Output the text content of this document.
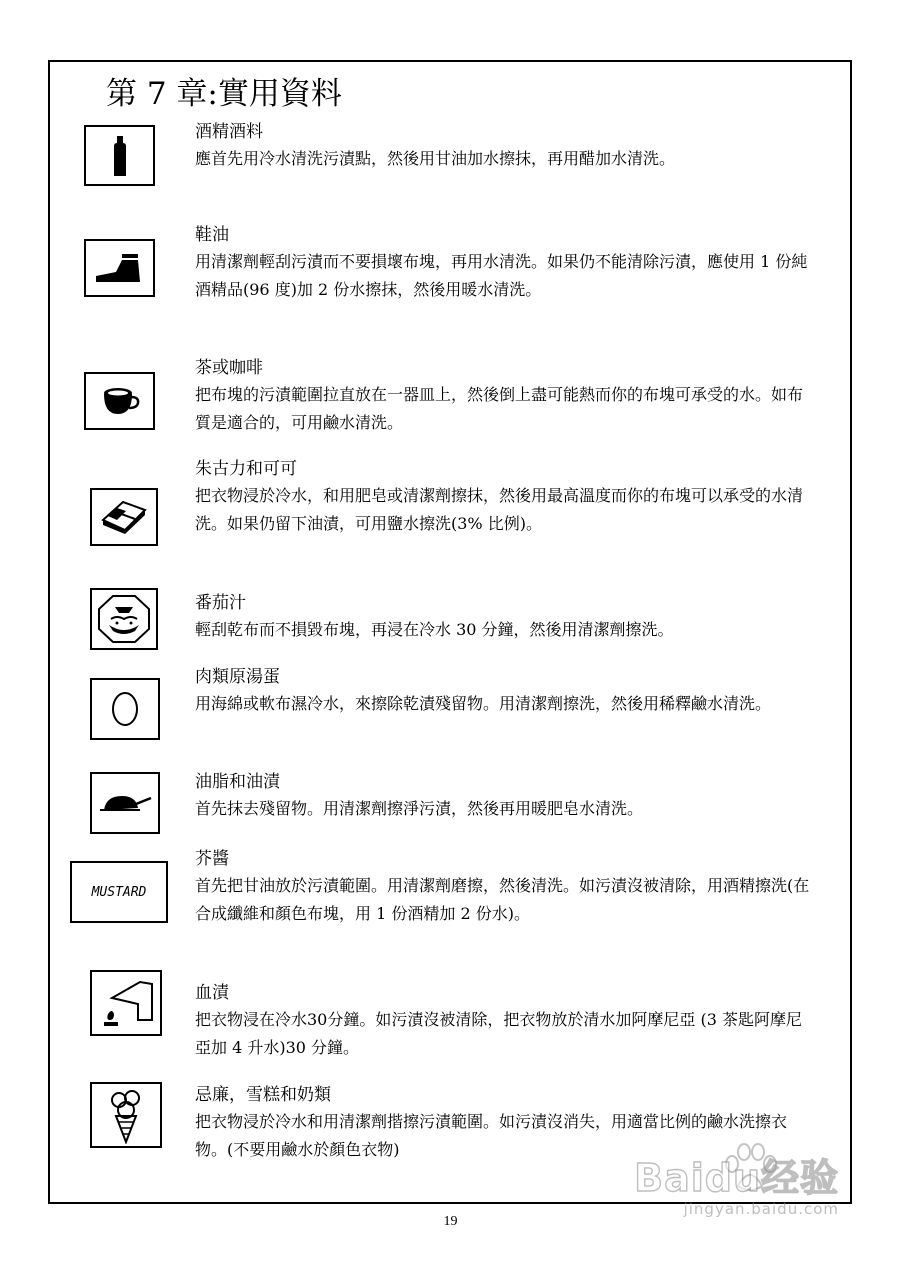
第 7 章:實用資料
酒精酒料
應首先用冷水清洗污漬點，然後用甘油加水擦抹，再用醋加水清洗。
鞋油
用清潔劑輕刮污漬而不要損壞布塊，再用水清洗。如果仍不能清除污漬，應使用 1 份純酒精品(96 度)加 2 份水擦抹，然後用暖水清洗。
茶或咖啡
把布塊的污漬範圍拉直放在一器皿上，然後倒上盡可能熱而你的布塊可承受的水。如布質是適合的，可用鹼水清洗。
朱古力和可可
把衣物浸於冷水，和用肥皂或清潔劑擦抹，然後用最高溫度而你的布塊可以承受的水清洗。如果仍留下油漬，可用鹽水擦洗(3% 比例)。
番茄汁
輕刮乾布而不損毀布塊，再浸在冷水 30 分鐘，然後用清潔劑擦洗。
肉類原湯蛋
用海綿或軟布濕冷水，來擦除乾漬殘留物。用清潔劑擦洗，然後用稀釋鹼水清洗。
油脂和油漬
首先抹去殘留物。用清潔劑擦淨污漬，然後再用暖肥皂水清洗。
MUSTARD
芥醬
首先把甘油放於污漬範圍。用清潔劑磨擦，然後清洗。如污漬沒被清除，用酒精擦洗(在合成纖維和顏色布塊，用 1 份酒精加 2 份水)。
血漬
把衣物浸在冷水30分鐘。如污漬沒被清除，把衣物放於清水加阿摩尼亞 (3 茶匙阿摩尼亞加 4 升水)30 分鐘。
忌廉，雪糕和奶類
把衣物浸於冷水和用清潔劑揩擦污漬範圍。如污漬沒消失，用適當比例的鹼水洗擦衣物。(不要用鹼水於顏色衣物)
19
Baidu经验
jingyan.baidu.com
